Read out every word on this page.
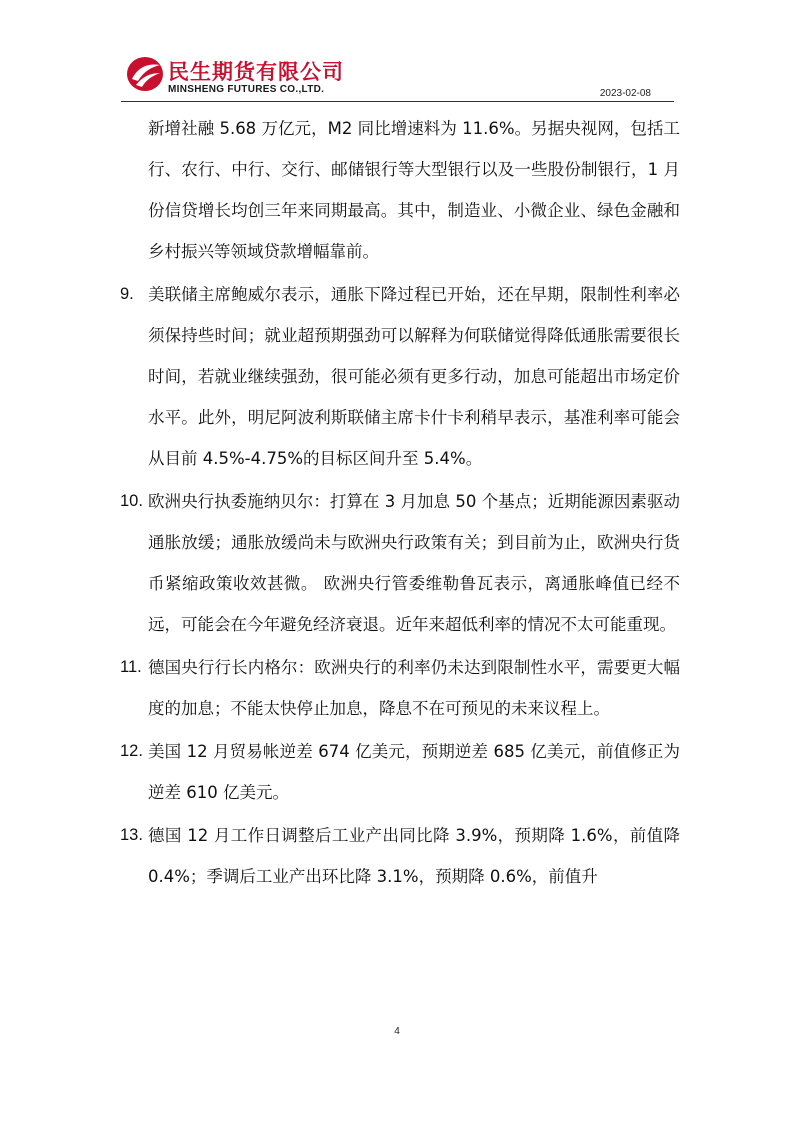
民生期货有限公司
MINSHENG FUTURES CO.,LTD.	2023-02-08

新增社融 5.68 万亿元，M2 同比增速料为 11.6%。另据央视网，包括工行、农行、中行、交行、邮储银行等大型银行以及一些股份制银行，1 月份信贷增长均创三年来同期最高。其中，制造业、小微企业、绿色金融和乡村振兴等领域贷款增幅靠前。

9. 美联储主席鲍威尔表示，通胀下降过程已开始，还在早期，限制性利率必须保持些时间；就业超预期强劲可以解释为何联储觉得降低通胀需要很长时间，若就业继续强劲，很可能必须有更多行动，加息可能超出市场定价水平。此外，明尼阿波利斯联储主席卡什卡利稍早表示，基准利率可能会从目前 4.5%-4.75%的目标区间升至 5.4%。

10. 欧洲央行执委施纳贝尔：打算在 3 月加息 50 个基点；近期能源因素驱动通胀放缓；通胀放缓尚未与欧洲央行政策有关；到目前为止，欧洲央行货币紧缩政策收效甚微。 欧洲央行管委维勒鲁瓦表示，离通胀峰值已经不远，可能会在今年避免经济衰退。近年来超低利率的情况不太可能重现。

11. 德国央行行长内格尔：欧洲央行的利率仍未达到限制性水平，需要更大幅度的加息；不能太快停止加息，降息不在可预见的未来议程上。

12. 美国 12 月贸易帐逆差 674 亿美元，预期逆差 685 亿美元，前值修正为逆差 610 亿美元。

13. 德国 12 月工作日调整后工业产出同比降 3.9%，预期降 1.6%，前值降 0.4%；季调后工业产出环比降 3.1%，预期降 0.6%，前值升

4
